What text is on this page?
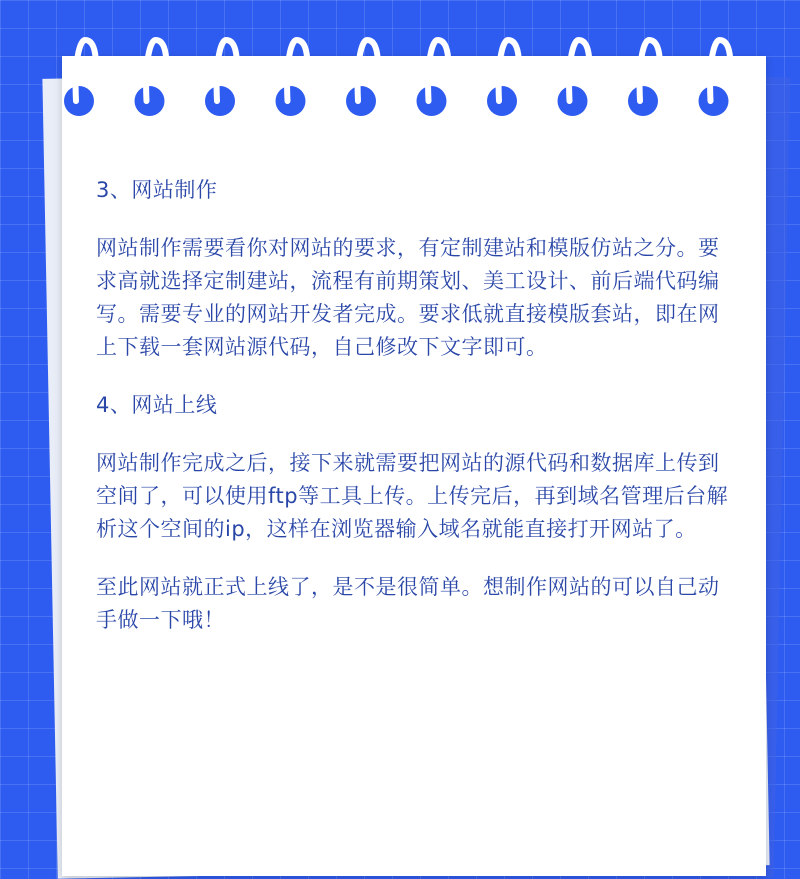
3、网站制作

网站制作需要看你对网站的要求，有定制建站和模版仿站之分。要求高就选择定制建站，流程有前期策划、美工设计、前后端代码编写。需要专业的网站开发者完成。要求低就直接模版套站，即在网上下载一套网站源代码，自己修改下文字即可。

4、网站上线

网站制作完成之后，接下来就需要把网站的源代码和数据库上传到空间了，可以使用ftp等工具上传。上传完后，再到域名管理后台解析这个空间的ip，这样在浏览器输入域名就能直接打开网站了。

至此网站就正式上线了，是不是很简单。想制作网站的可以自己动手做一下哦！
